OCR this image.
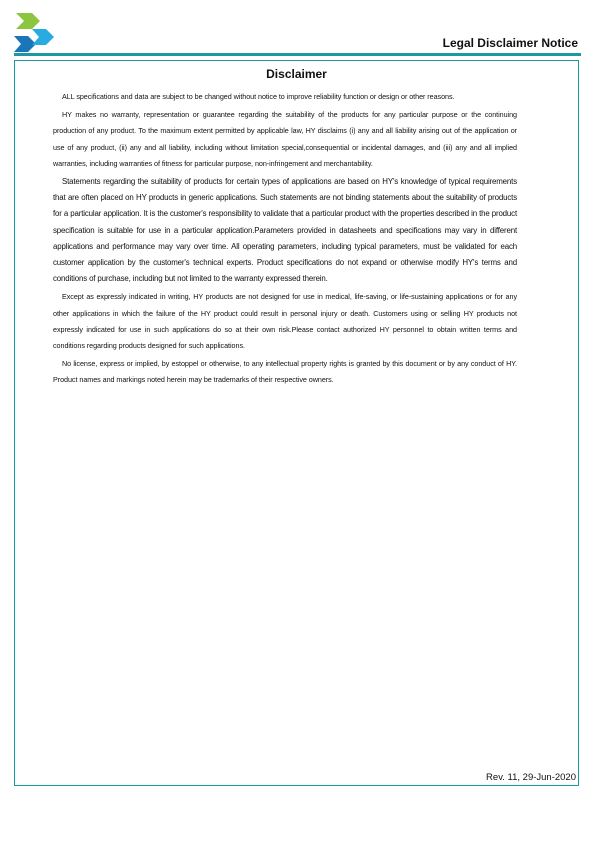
Legal Disclaimer Notice
Disclaimer

ALL specifications and data are subject to be changed without notice to improve reliability function or design or other reasons.

HY makes no warranty, representation or guarantee regarding the suitability of the products for any particular purpose or the continuing production of any product. To the maximum extent permitted by applicable law, HY disclaims (i) any and all liability arising out of the application or use of any product, (ii) any and all liability, including without limitation special,consequential or incidental damages, and (iii) any and all implied warranties, including warranties of fitness for particular purpose, non-infringement and merchantability.

Statements regarding the suitability of products for certain types of applications are based on HY's knowledge of typical requirements that are often placed on HY products in generic applications. Such statements are not binding statements about the suitability of products for a particular application. It is the customer's responsibility to validate that a particular product with the properties described in the product specification is suitable for use in a particular application.Parameters provided in datasheets and specifications may vary in different applications and performance may vary over time. All operating parameters, including typical parameters, must be validated for each customer application by the customer's technical experts. Product specifications do not expand or otherwise modify HY's terms and conditions of purchase, including but not limited to the warranty expressed therein.

Except as expressly indicated in writing, HY products are not designed for use in medical, life-saving, or life-sustaining applications or for any other applications in which the failure of the HY product could result in personal injury or death. Customers using or selling HY products not expressly indicated for use in such applications do so at their own risk.Please contact authorized HY personnel to obtain written terms and conditions regarding products designed for such applications.

No license, express or implied, by estoppel or otherwise, to any intellectual property rights is granted by this document or by any conduct of HY. Product names and markings noted herein may be trademarks of their respective owners.

Rev. 11, 29-Jun-2020
